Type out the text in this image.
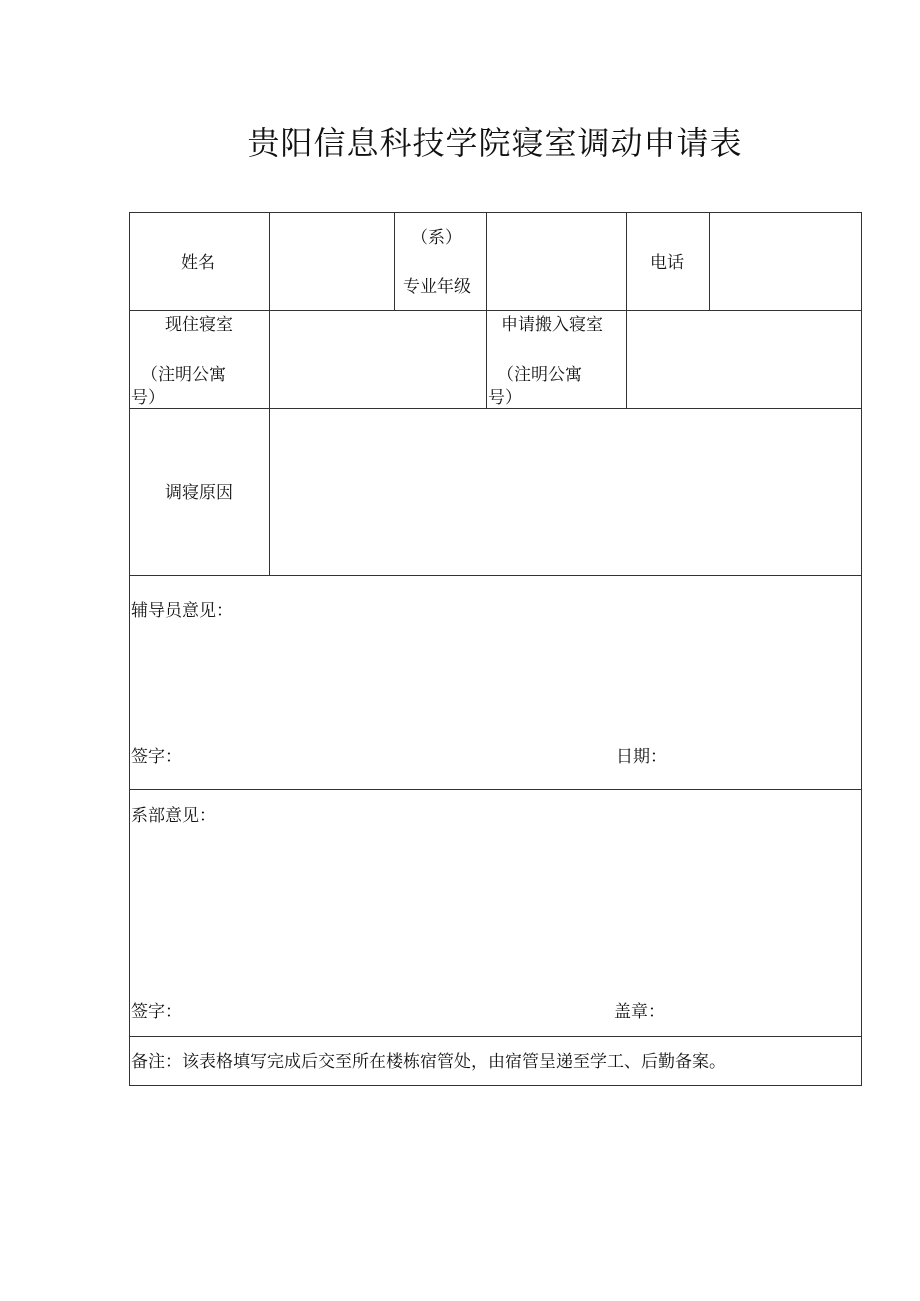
贵阳信息科技学院寝室调动申请表
姓名
（系）
专业年级
电话
现住寝室
（注明公寓
号）
申请搬入寝室
（注明公寓
号）
调寝原因
辅导员意见：
签字：	日期：
系部意见：
签字：	盖章：
备注：该表格填写完成后交至所在楼栋宿管处，由宿管呈递至学工、后勤备案。
